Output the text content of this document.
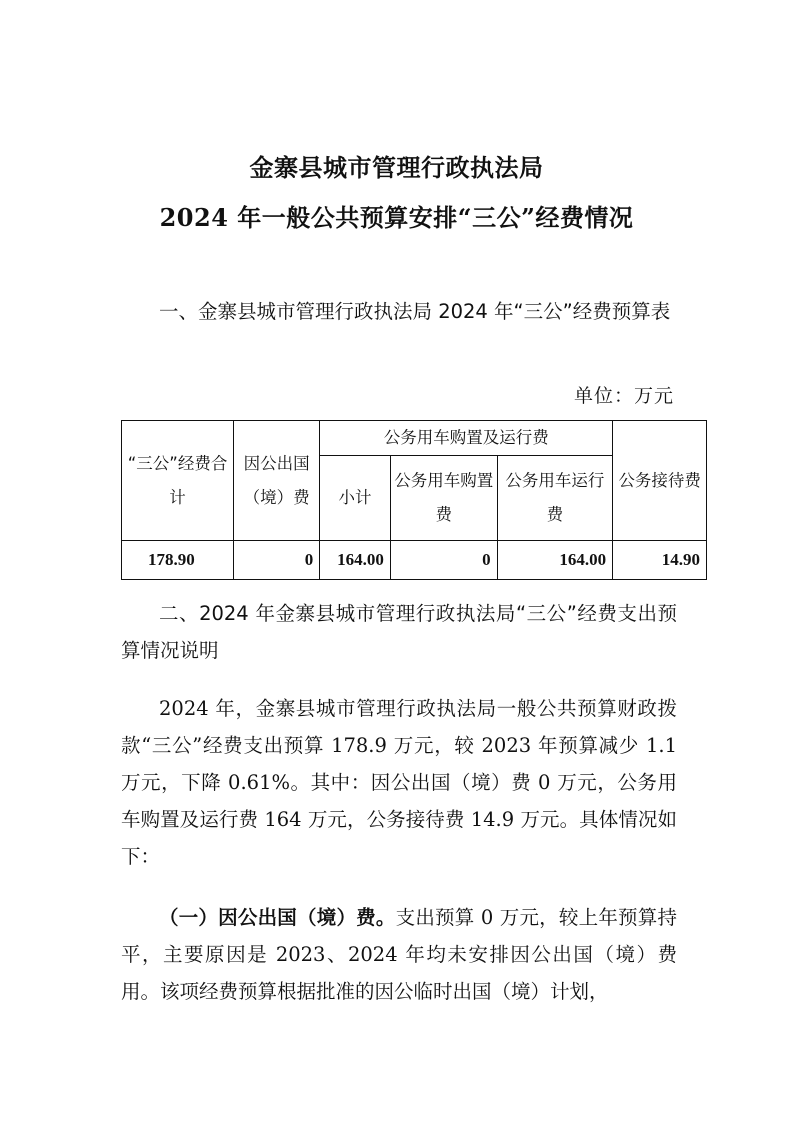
金寨县城市管理行政执法局
2024 年一般公共预算安排“三公”经费情况
一、金寨县城市管理行政执法局 2024 年“三公”经费预算表
单位：万元
“三公”经费合计	因公出国（境）费	公务用车购置及运行费			公务接待费
		小计	公务用车购置费	公务用车运行费	
178.90	0	164.00	0	164.00	14.90
二、2024 年金寨县城市管理行政执法局“三公”经费支出预算情况说明
2024 年，金寨县城市管理行政执法局一般公共预算财政拨款“三公”经费支出预算 178.9 万元，较 2023 年预算减少 1.1 万元，下降 0.61%。其中：因公出国（境）费 0 万元，公务用车购置及运行费 164 万元，公务接待费 14.9 万元。具体情况如下：
（一）因公出国（境）费。支出预算 0 万元，较上年预算持平，主要原因是 2023、2024 年均未安排因公出国（境）费用。该项经费预算根据批准的因公临时出国（境）计划，
